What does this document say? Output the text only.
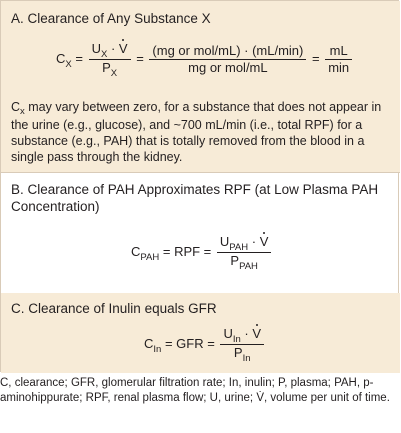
A. Clearance of Any Substance X
$C_X = \frac{U_X \cdot V}{P_X} = \frac{\text{(mg or mol/mL) · (mL/min)}}{\text{mg or mol/mL}} = \frac{mL}{\min}$
$C_x$ may vary between zero, for a substance that does not appear in the urine (e.g., glucose), and ~700 mL/min (i.e., total RPF) for a substance (e.g., PAH) that is totally removed from the blood in a single pass through the kidney.
B. Clearance of PAH Approximates RPF (at Low Plasma PAH Concentration)
$C_{PAH}$ = RPF = $\frac{U_{PAH} \cdot V}{P_{PAH}}$
C. Clearance of Inulin equals GFR
$C_{In}$ = GFR = $\frac{U_{In} \cdot V}{P_{In}}$
C, clearance; GFR, glomerular filtration rate; In, inulin; P, plasma; PAH, p-aminohippurate; RPF, renal plasma flow; U, urine; V̇, volume per unit of time.
